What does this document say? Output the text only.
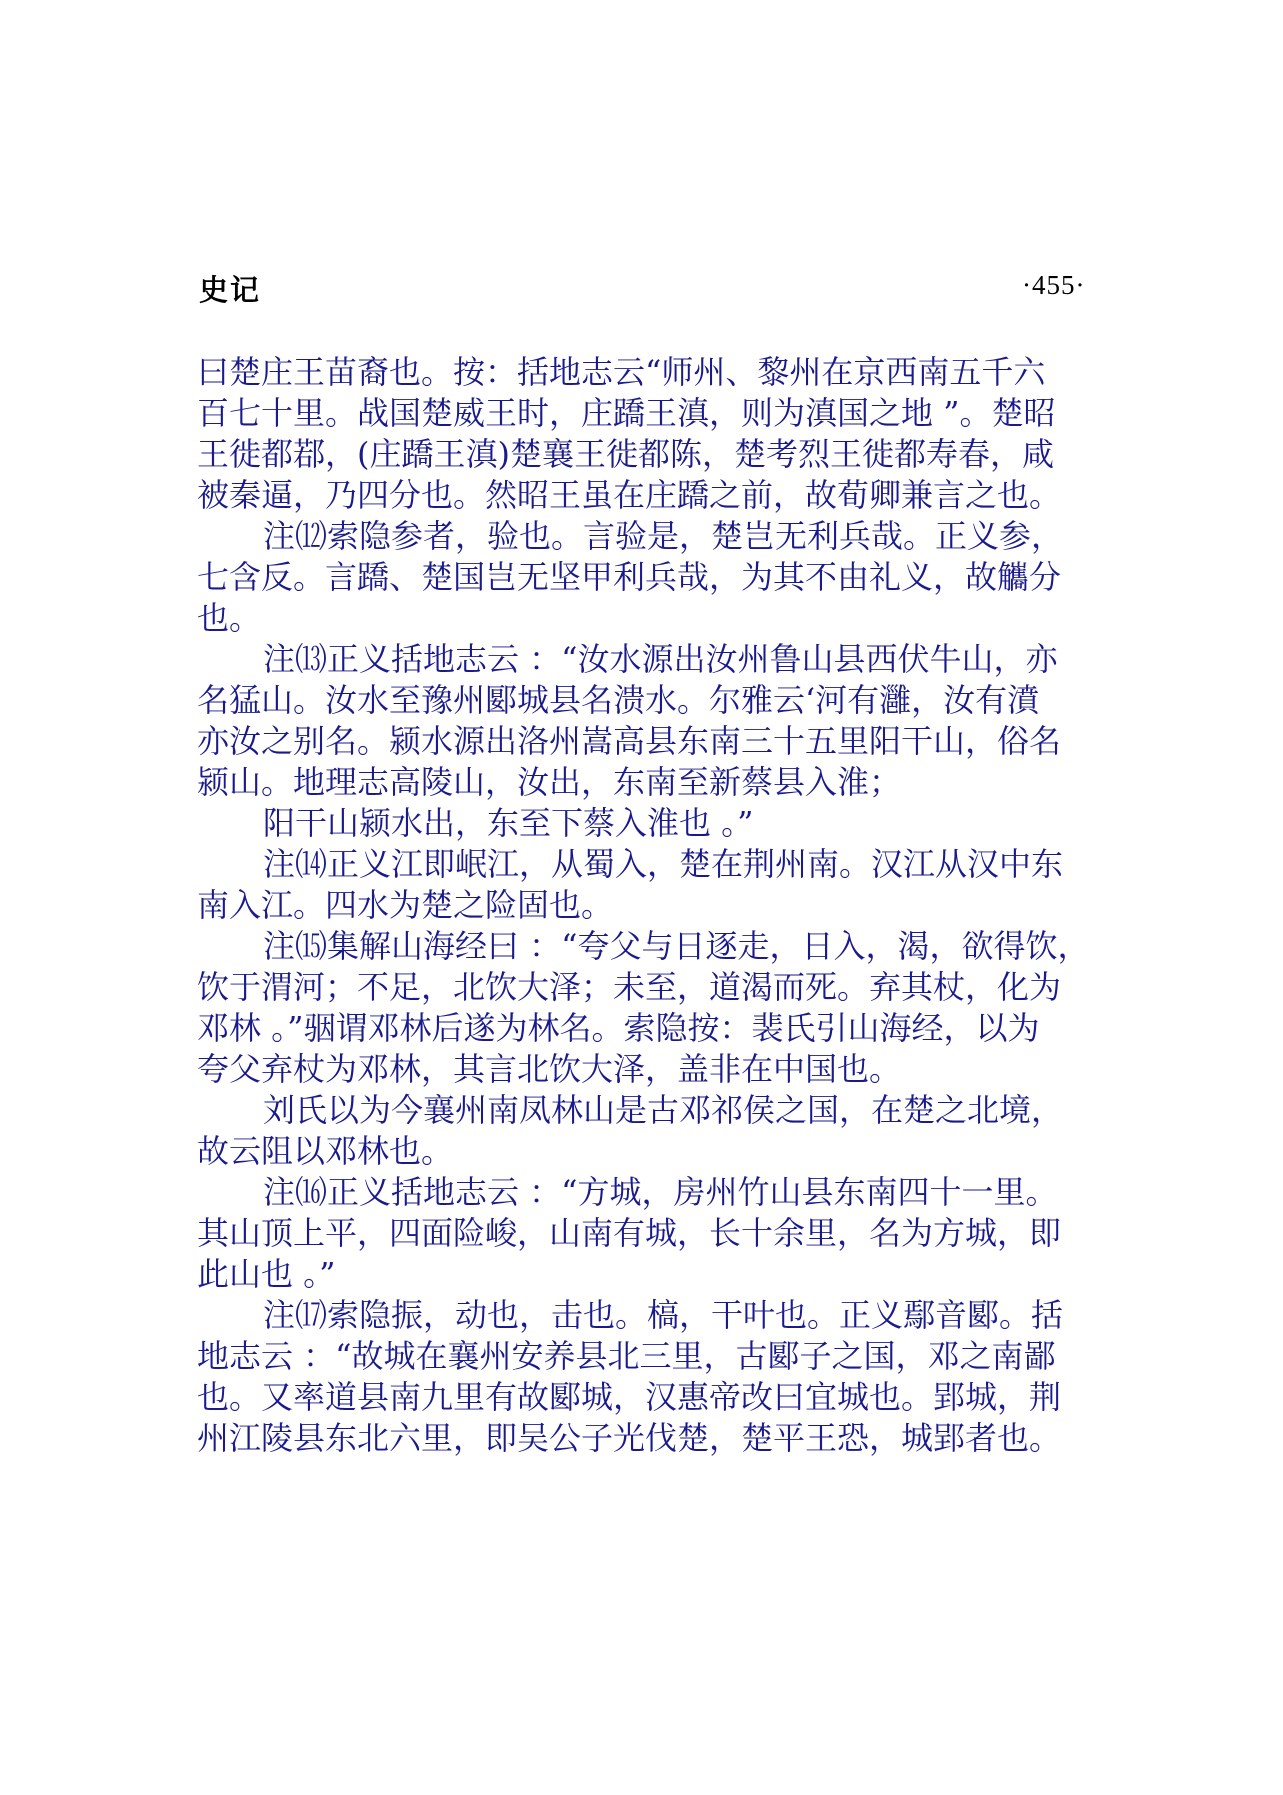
史记	·455·
曰楚庄王苗裔也。按：括地志云“师州、黎州在京西南五千六
百七十里。战国楚威王时，庄蹻王滇，则为滇国之地 ”。楚昭
王徙都鄀，(庄蹻王滇)楚襄王徙都陈，楚考烈王徙都寿春，咸
被秦逼，乃四分也。然昭王虽在庄蹻之前，故荀卿兼言之也。
注⑿索隐参者，验也。言验是，楚岂无利兵哉。正义参，
七含反。言蹻、楚国岂无坚甲利兵哉，为其不由礼义，故觿分
也。
注⒀正义括地志云 ：“汝水源出汝州鲁山县西伏牛山，亦
名猛山。汝水至豫州郾城县名溃水。尔雅云‘河有灉，汝有濆
亦汝之别名。颍水源出洛州嵩高县东南三十五里阳干山，俗名
颍山。地理志高陵山，汝出，东南至新蔡县入淮；
阳干山颍水出，东至下蔡入淮也 。”
注⒁正义江即岷江，从蜀入，楚在荆州南。汉江从汉中东
南入江。四水为楚之险固也。
注⒂集解山海经曰 ：“夸父与日逐走，日入，渴，欲得饮，
饮于渭河；不足，北饮大泽；未至，道渴而死。弃其杖，化为
邓林 。”骃谓邓林后遂为林名。索隐按：裴氏引山海经，以为
夸父弃杖为邓林，其言北饮大泽，盖非在中国也。
刘氏以为今襄州南凤林山是古邓祁侯之国，在楚之北境，
故云阻以邓林也。
注⒃正义括地志云 ：“方城，房州竹山县东南四十一里。
其山顶上平，四面险峻，山南有城，长十余里，名为方城，即
此山也 。”
注⒄索隐振，动也，击也。槁，干叶也。正义鄢音郾。括
地志云 ：“故城在襄州安养县北三里，古郾子之国，邓之南鄙
也。又率道县南九里有故郾城，汉惠帝改曰宜城也。郢城，荆
州江陵县东北六里，即吴公子光伐楚，楚平王恐，城郢者也。
